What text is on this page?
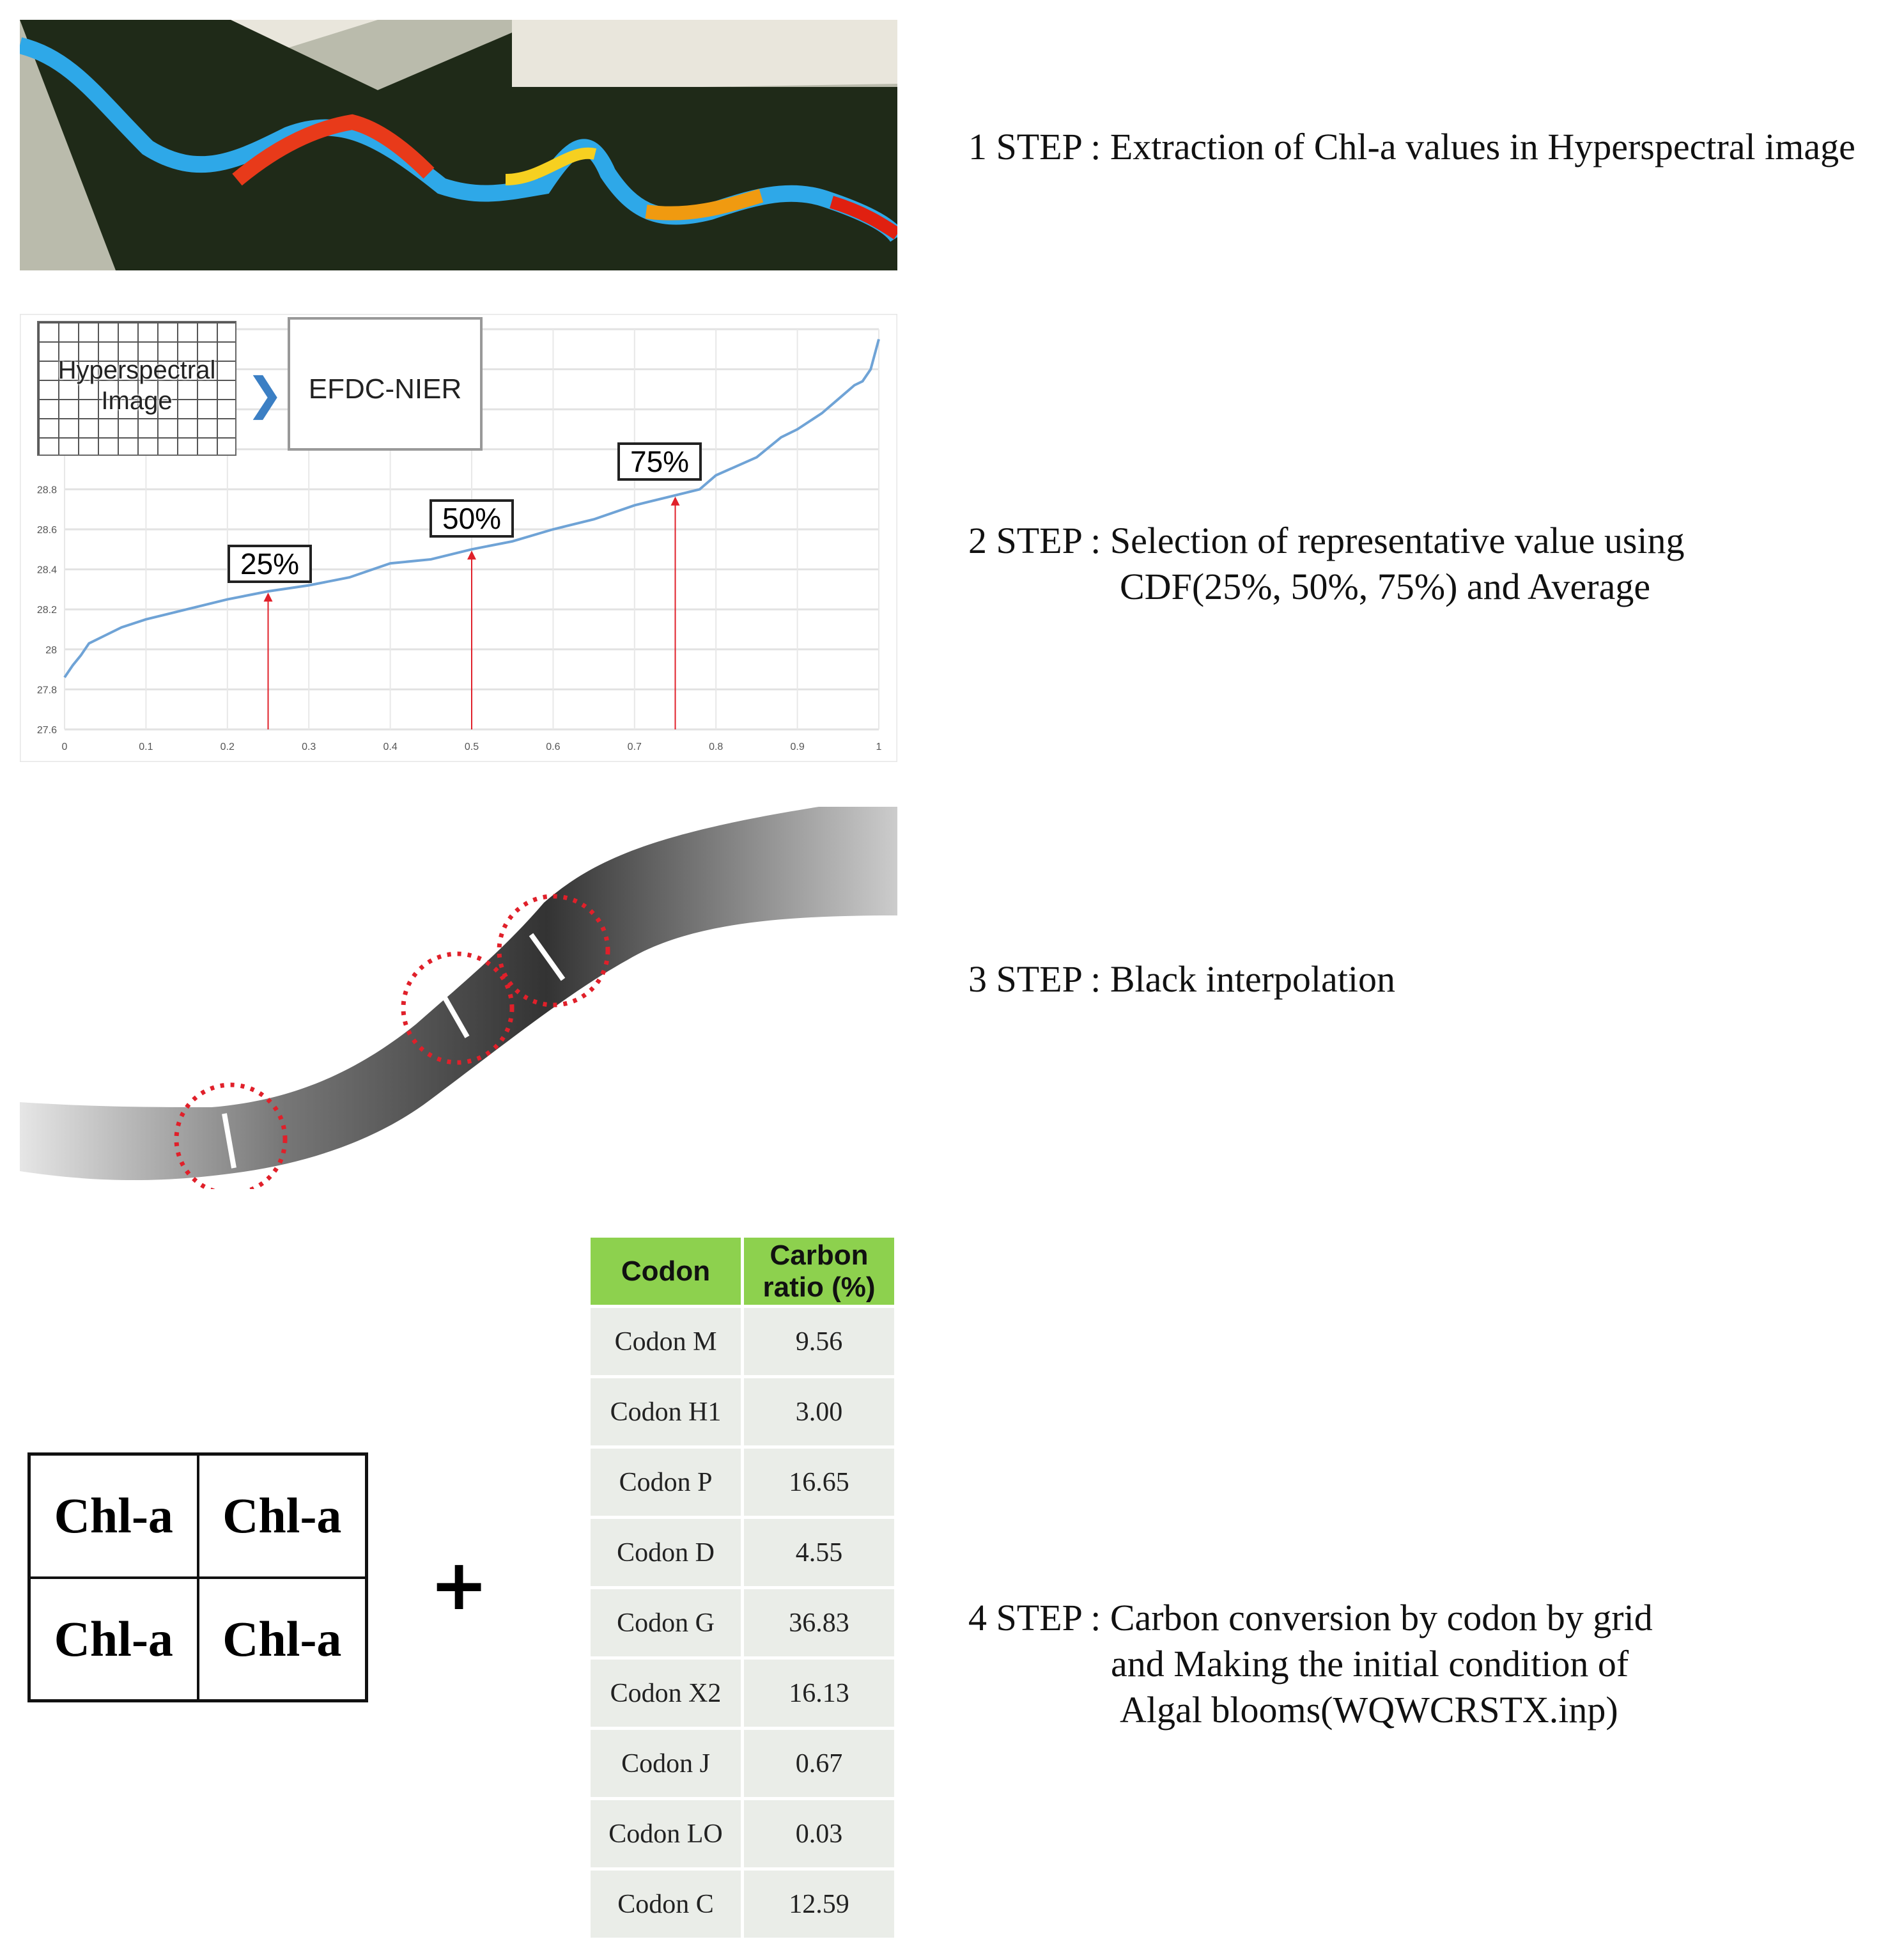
1 STEP : Extraction of Chl-a values in Hyperspectral image
0	0.1	0.2	0.3	0.4	0.5	0.6	0.7	0.8	0.9	1
27.6
27.8
28
28.2
28.4
28.6
28.8
Hyperspectral Image	❯ EFDC-NIER
25%
50%
75%
2 STEP : Selection of representative value using
CDF(25%, 50%, 75%) and Average
3 STEP : Black interpolation
Chl-a Chl-a
Chl-a Chl-a
+
Codon	Carbon ratio (%)
Codon M	9.56
Codon H1	3.00
Codon P	16.65
Codon D	4.55
Codon G	36.83
Codon X2	16.13
Codon J	0.67
Codon LO	0.03
Codon C	12.59
4 STEP : Carbon conversion by codon by grid
and Making the initial condition of
Algal blooms(WQWCRSTX.inp)
